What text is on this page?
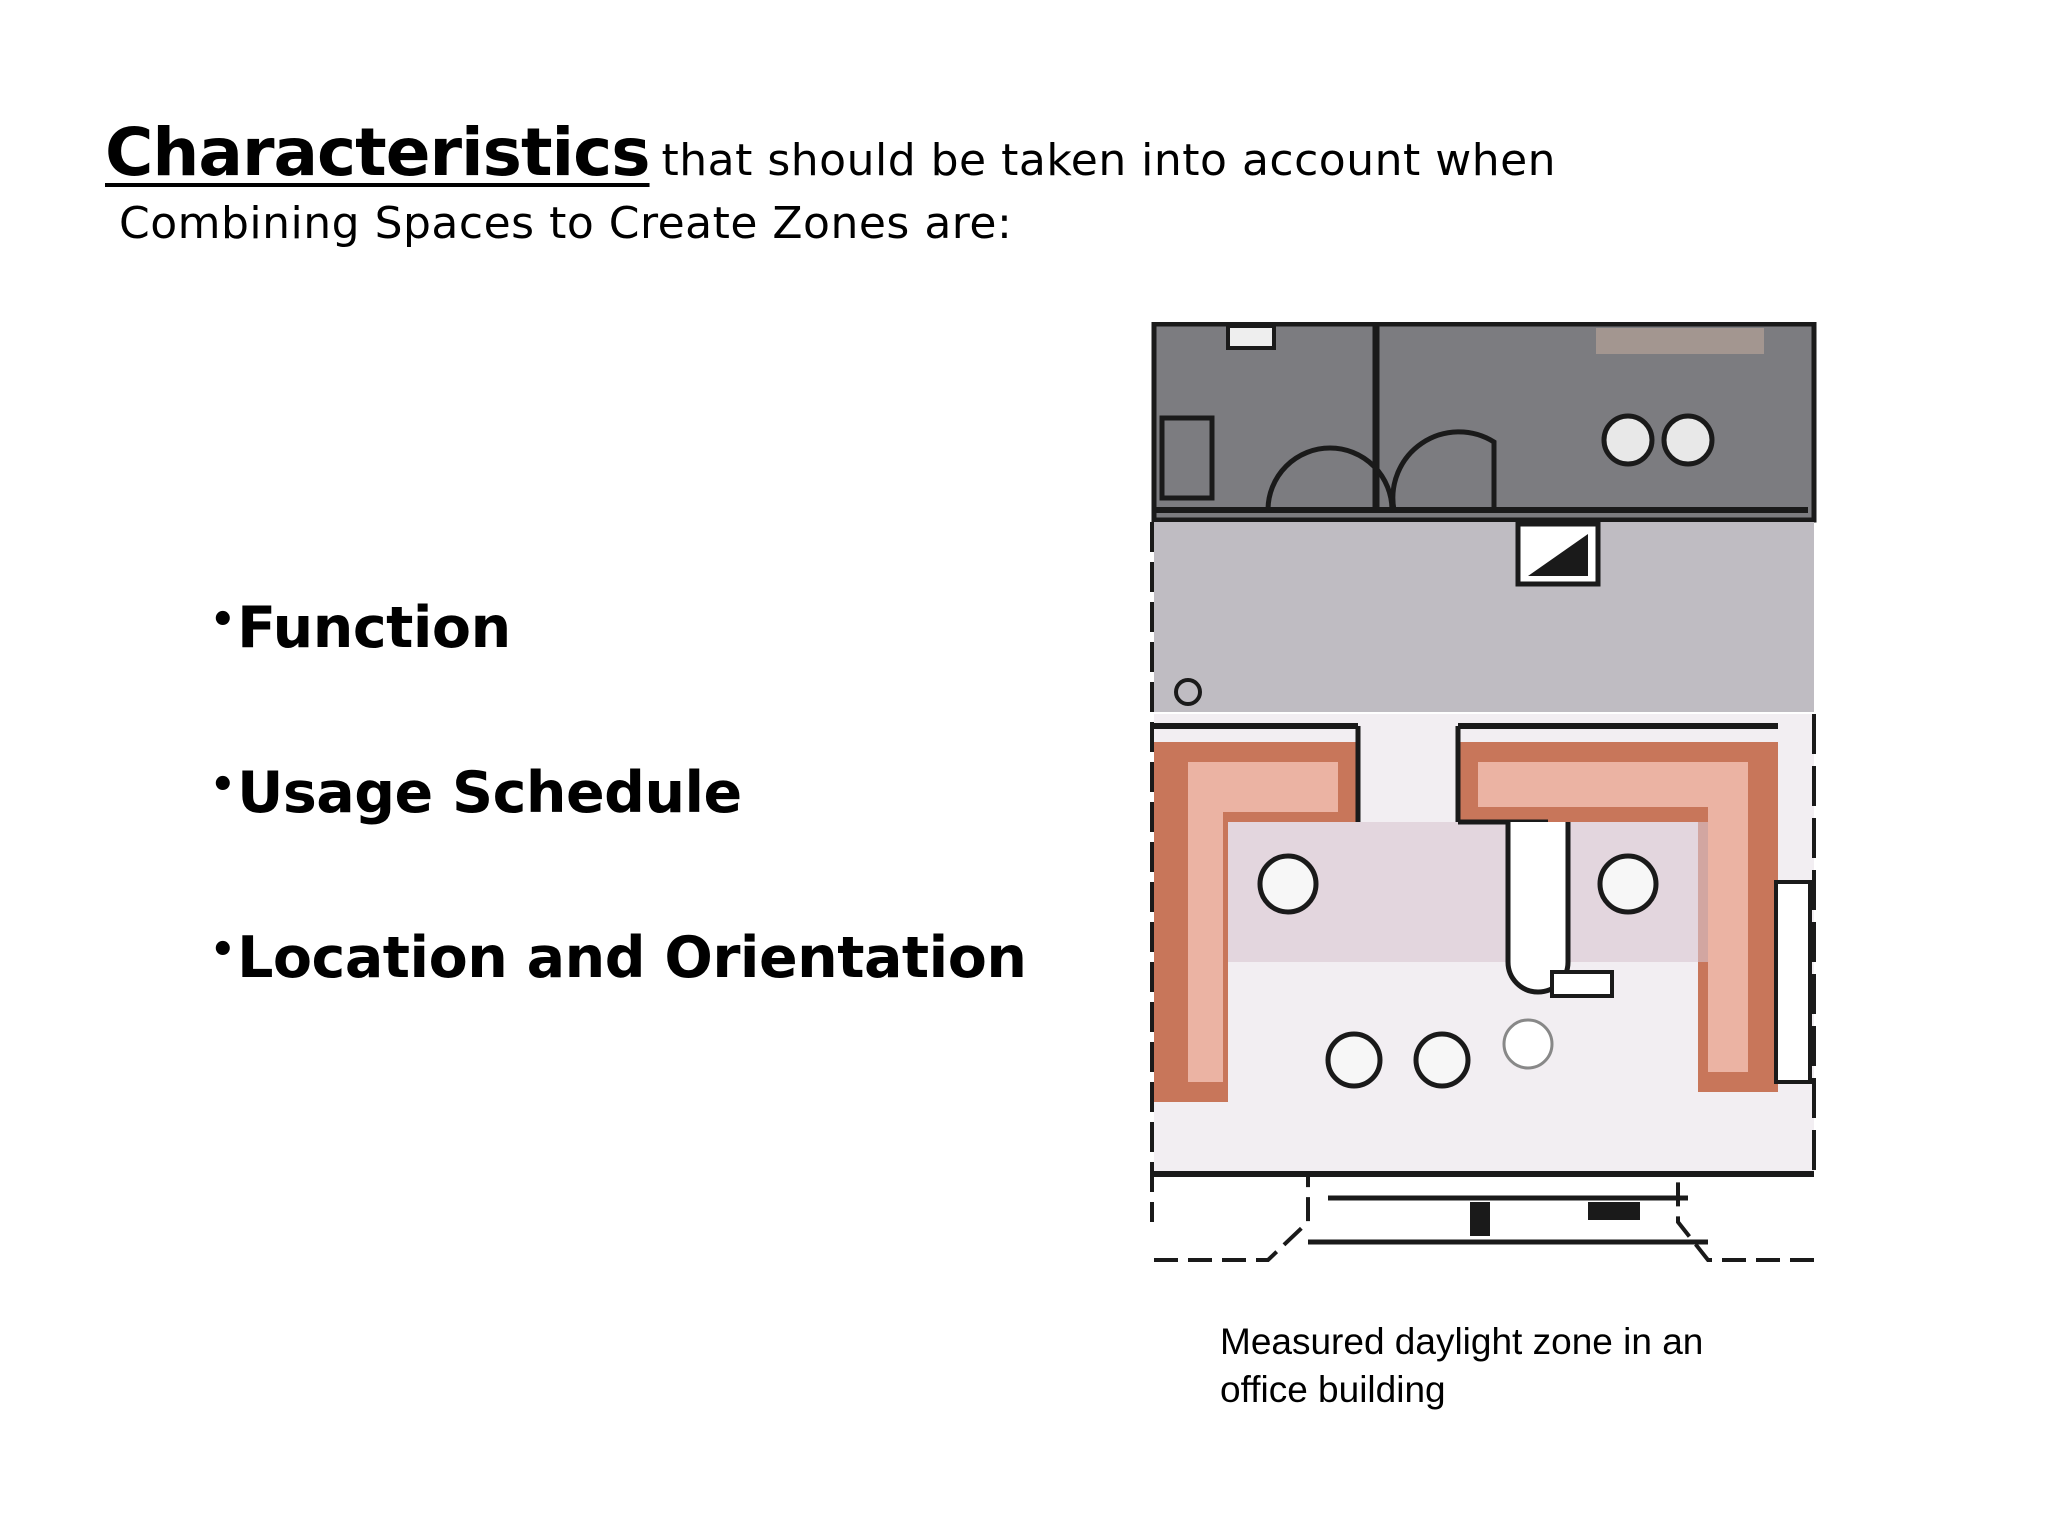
Characteristics that should be taken into account when
Combining Spaces to Create Zones are:
•Function
•Usage Schedule
•Location and Orientation
Measured daylight zone in an office building
